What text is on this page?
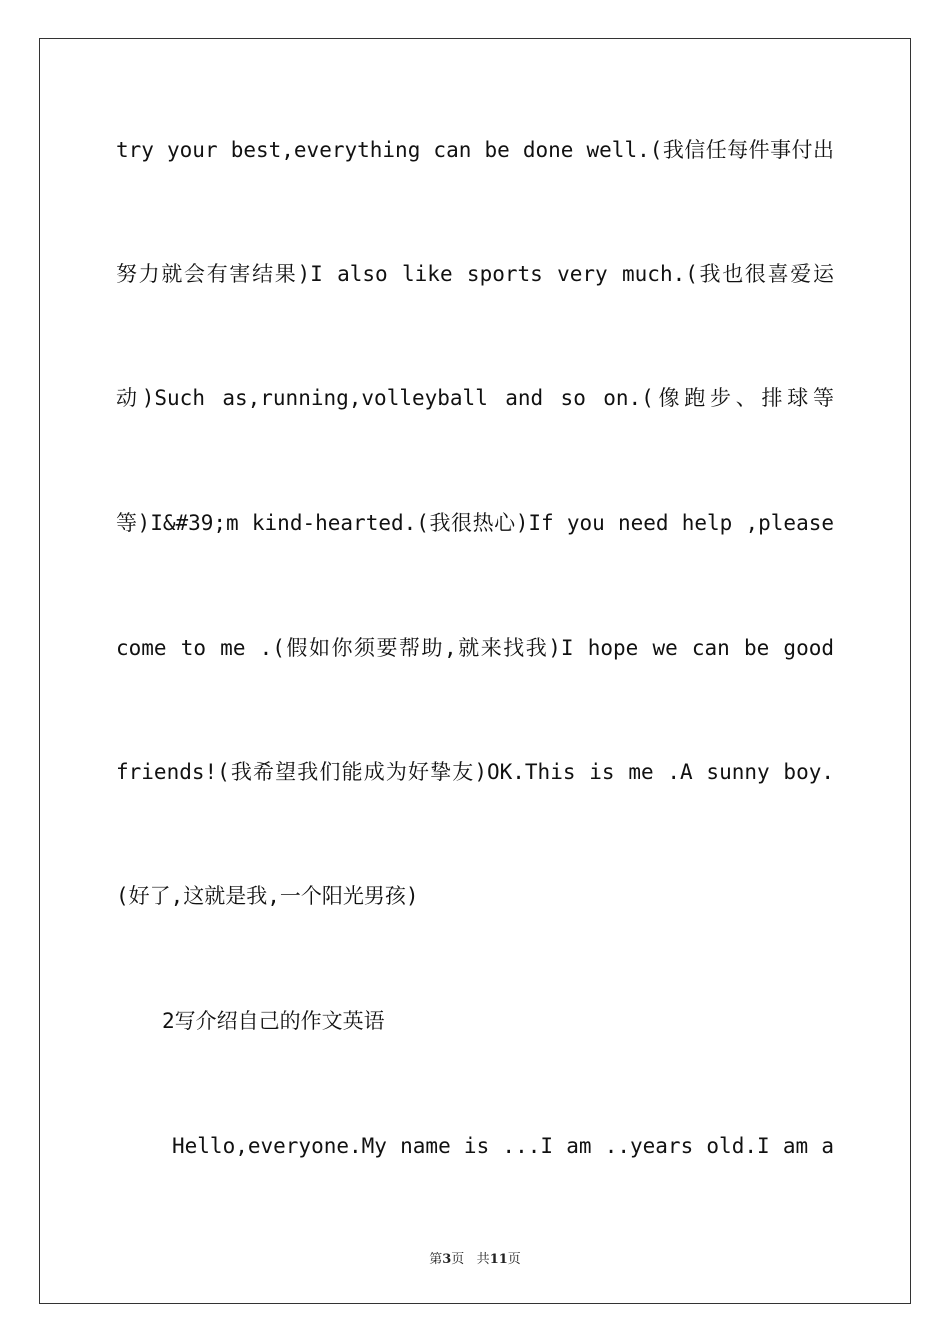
try your best,everything can be done well.(我信任每件事付出
努力就会有害结果)I also like sports very much.(我也很喜爱运
动)Such as,running,volleyball and so on.(像跑步、排球等
等)I&#39;m kind-hearted.(我很热心)If you need help ,please
come to me .(假如你须要帮助,就来找我)I hope we can be good
friends!(我希望我们能成为好挚友)OK.This is me .A sunny boy.
(好了,这就是我,一个阳光男孩)
2写介绍自己的作文英语
Hello,everyone.My name is ...I am ..years old.I am a
第3页 共11页
